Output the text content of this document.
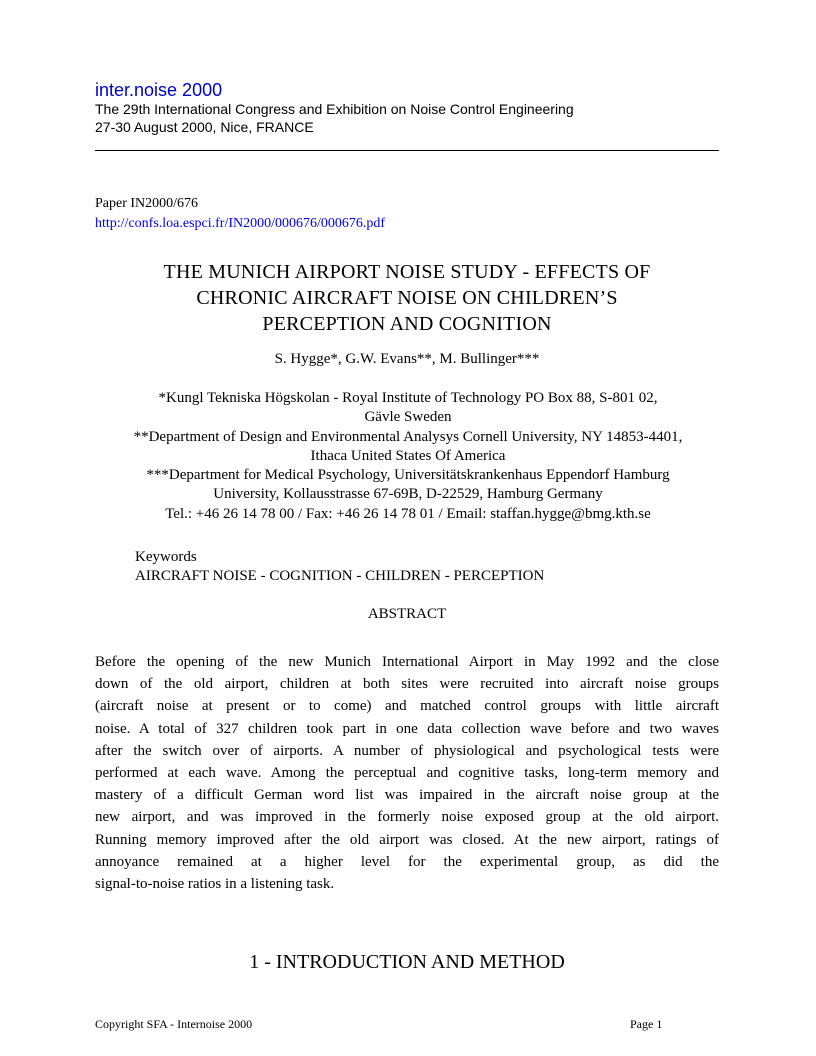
inter.noise 2000
The 29th International Congress and Exhibition on Noise Control Engineering
27-30 August 2000, Nice, FRANCE
Paper IN2000/676
http://confs.loa.espci.fr/IN2000/000676/000676.pdf
THE MUNICH AIRPORT NOISE STUDY - EFFECTS OF
CHRONIC AIRCRAFT NOISE ON CHILDREN’S
PERCEPTION AND COGNITION
S. Hygge*, G.W. Evans**, M. Bullinger***
*Kungl Tekniska Högskolan - Royal Institute of Technology PO Box 88, S-801 02,
Gävle Sweden
**Department of Design and Environmental Analysys Cornell University, NY 14853-4401,
Ithaca United States Of America
***Department for Medical Psychology, Universitätskrankenhaus Eppendorf Hamburg
University, Kollausstrasse 67-69B, D-22529, Hamburg Germany
Tel.: +46 26 14 78 00 / Fax: +46 26 14 78 01 / Email: staffan.hygge@bmg.kth.se
Keywords
AIRCRAFT NOISE - COGNITION - CHILDREN - PERCEPTION
ABSTRACT
Before the opening of the new Munich International Airport in May 1992 and the close
down of the old airport, children at both sites were recruited into aircraft noise groups
(aircraft noise at present or to come) and matched control groups with little aircraft
noise. A total of 327 children took part in one data collection wave before and two waves
after the switch over of airports. A number of physiological and psychological tests were
performed at each wave. Among the perceptual and cognitive tasks, long-term memory and
mastery of a difficult German word list was impaired in the aircraft noise group at the
new airport, and was improved in the formerly noise exposed group at the old airport.
Running memory improved after the old airport was closed. At the new airport, ratings of
annoyance remained at a higher level for the experimental group, as did the
signal-to-noise ratios in a listening task.
1 - INTRODUCTION AND METHOD
Copyright SFA - Internoise 2000	Page 1
